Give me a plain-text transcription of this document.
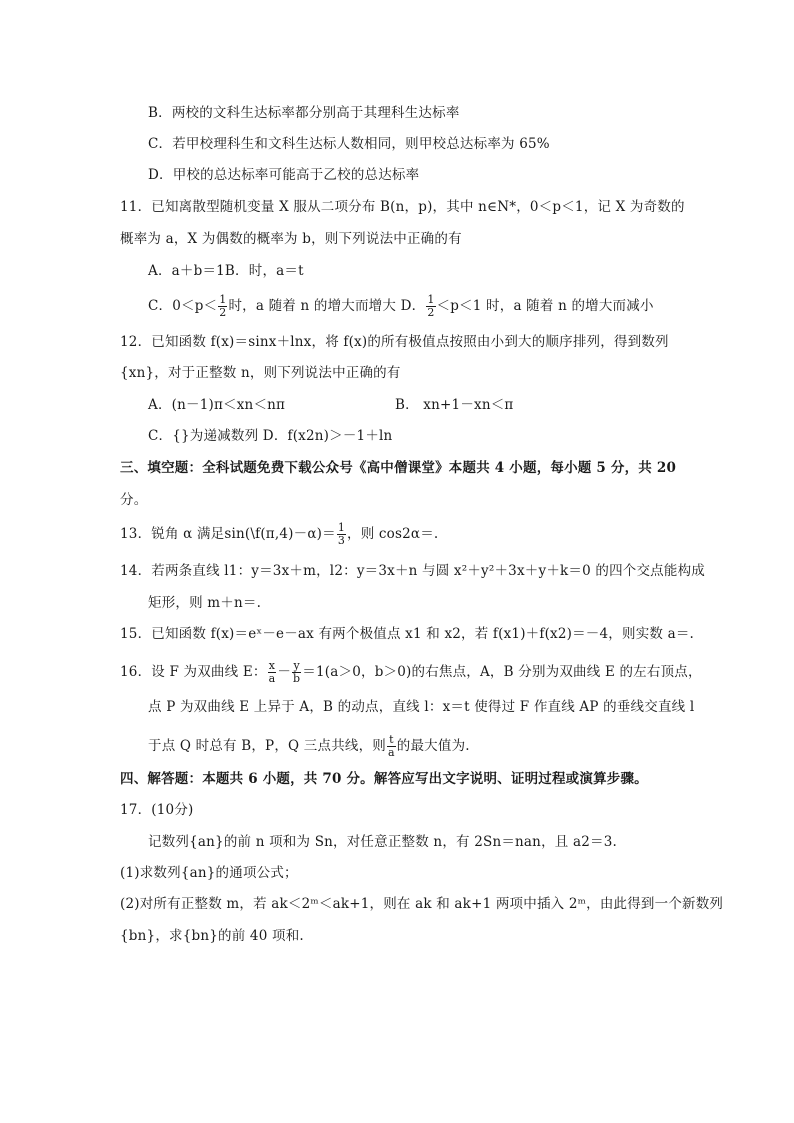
B．两校的文科生达标率都分别高于其理科生达标率
C．若甲校理科生和文科生达标人数相同，则甲校总达标率为 65%
D．甲校的总达标率可能高于乙校的总达标率
11．已知离散型随机变量 X 服从二项分布 B(n，p)，其中 n∈N*，0＜p＜1，记 X 为奇数的
概率为 a，X 为偶数的概率为 b，则下列说法中正确的有
A．a＋b＝1B．时，a＝t
C．$0<p< \frac{1}{2}$ 时，a 随着 n 的增大而增大 D． $\frac{1}{2} <p<1$ 时，a 随着 n 的增大而减小
12．已知函数 f(x)＝sinx＋lnx，将 f(x)的所有极值点按照由小到大的顺序排列，得到数列
{xn}，对于正整数 n，则下列说法中正确的有
A．(n－1)π＜xn＜nπ	B． xn+1－xn＜π
C．{}为递减数列 D．f(x2n)＞－1＋ln
三、填空题：全科试题免费下载公众号《高中僧课堂》本题共 4 小题，每小题 5 分，共 20
分。
13．锐角 α 满足sin(\f(π,4)－α)＝ $\frac{1}{3}$ ，则 cos2α＝.
14．若两条直线 l1：y＝3x＋m，l2：y＝3x＋n 与圆 x²＋y²＋3x＋y＋k＝0 的四个交点能构成
矩形，则 m＋n＝.
15．已知函数 f(x)＝eˣ－e－ax 有两个极值点 x1 和 x2，若 f(x1)＋f(x2)＝－4，则实数 a＝.
16．设 F 为双曲线 E： $\frac{x}{a} - \frac{y}{b} =1(a>0$，b＞0)的右焦点，A，B 分别为双曲线 E 的左右顶点，
点 P 为双曲线 E 上异于 A，B 的动点，直线 l：x＝t 使得过 F 作直线 AP 的垂线交直线 l
于点 Q 时总有 B，P，Q 三点共线，则 $\frac{t}{a}$ 的最大值为.
四、解答题：本题共 6 小题，共 70 分。解答应写出文字说明、证明过程或演算步骤。
17．(10分)
记数列{an}的前 n 项和为 Sn，对任意正整数 n，有 2Sn＝nan，且 a2＝3.
(1)求数列{an}的通项公式；
(2)对所有正整数 m，若 ak＜2ᵐ＜ak+1，则在 ak 和 ak+1 两项中插入 2ᵐ，由此得到一个新数列
{bn}，求{bn}的前 40 项和.
